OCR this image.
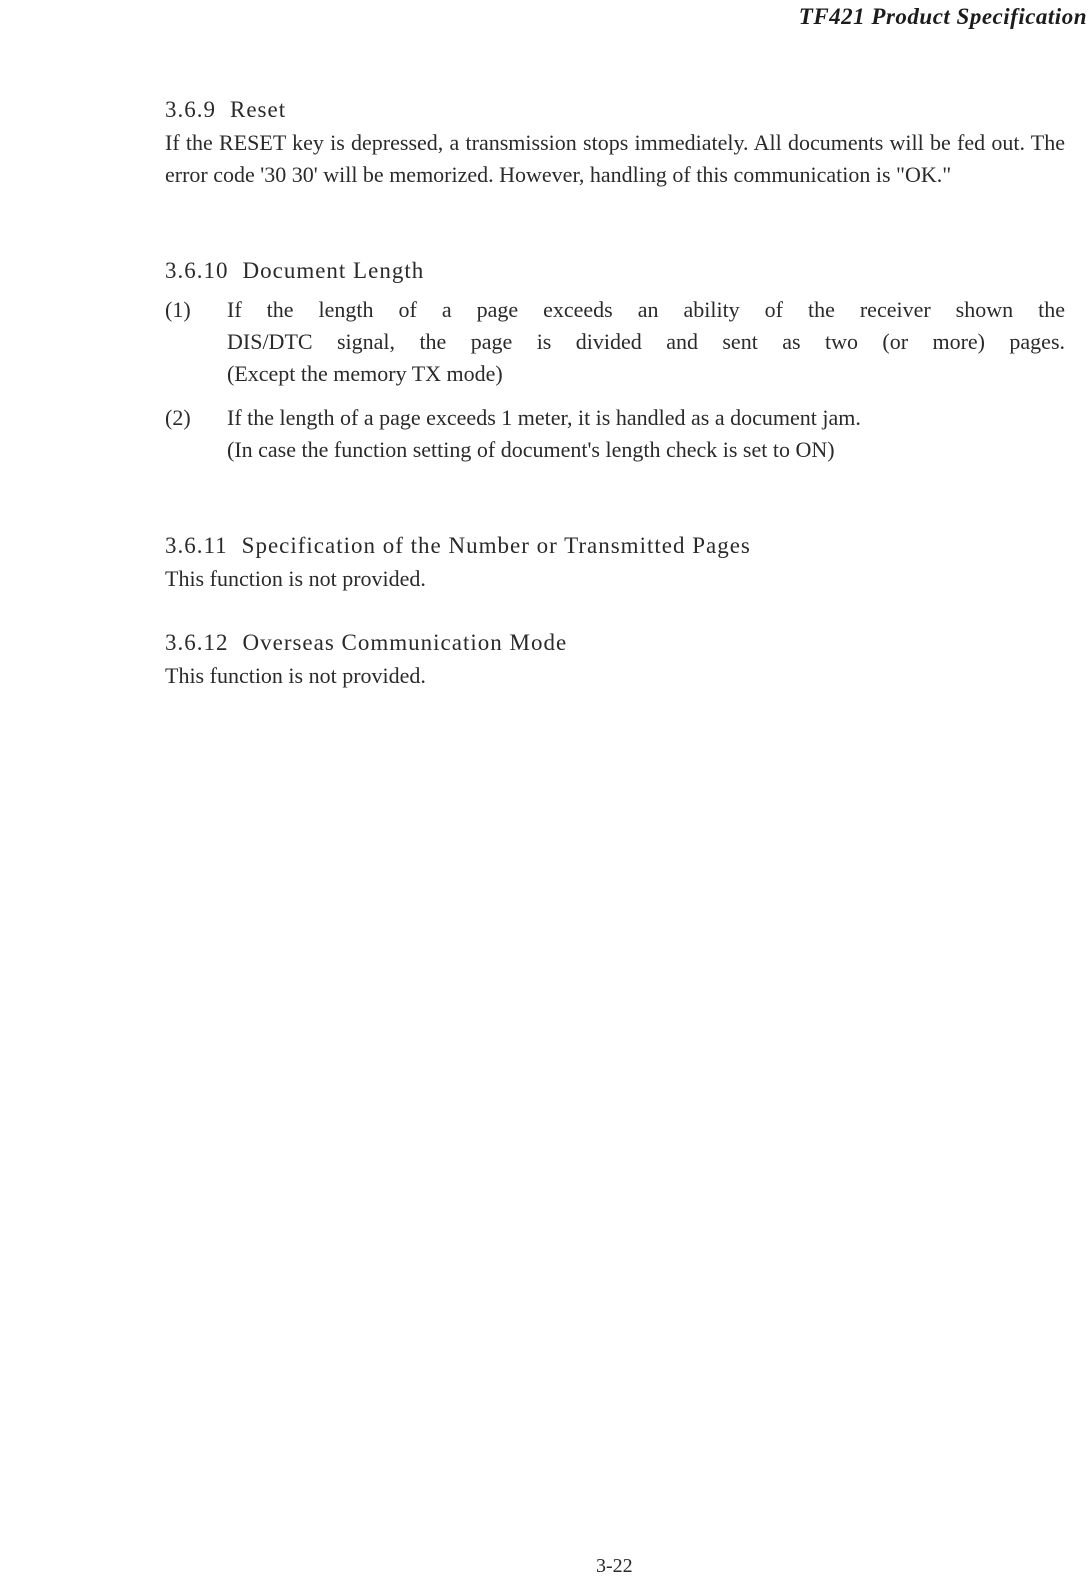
TF421 Product Specification

3.6.9 Reset

If the RESET key is depressed, a transmission stops immediately. All documents will be fed out. The error code '30 30' will be memorized. However, handling of this communication is "OK."

3.6.10 Document Length

(1) If the length of a page exceeds an ability of the receiver shown the
DIS/DTC signal, the page is divided and sent as two (or more) pages.
(Except the memory TX mode)
(2) If the length of a page exceeds 1 meter, it is handled as a document jam.
(In case the function setting of document's length check is set to ON)

3.6.11 Specification of the Number or Transmitted Pages

This function is not provided.

3.6.12 Overseas Communication Mode

This function is not provided.

3-22
